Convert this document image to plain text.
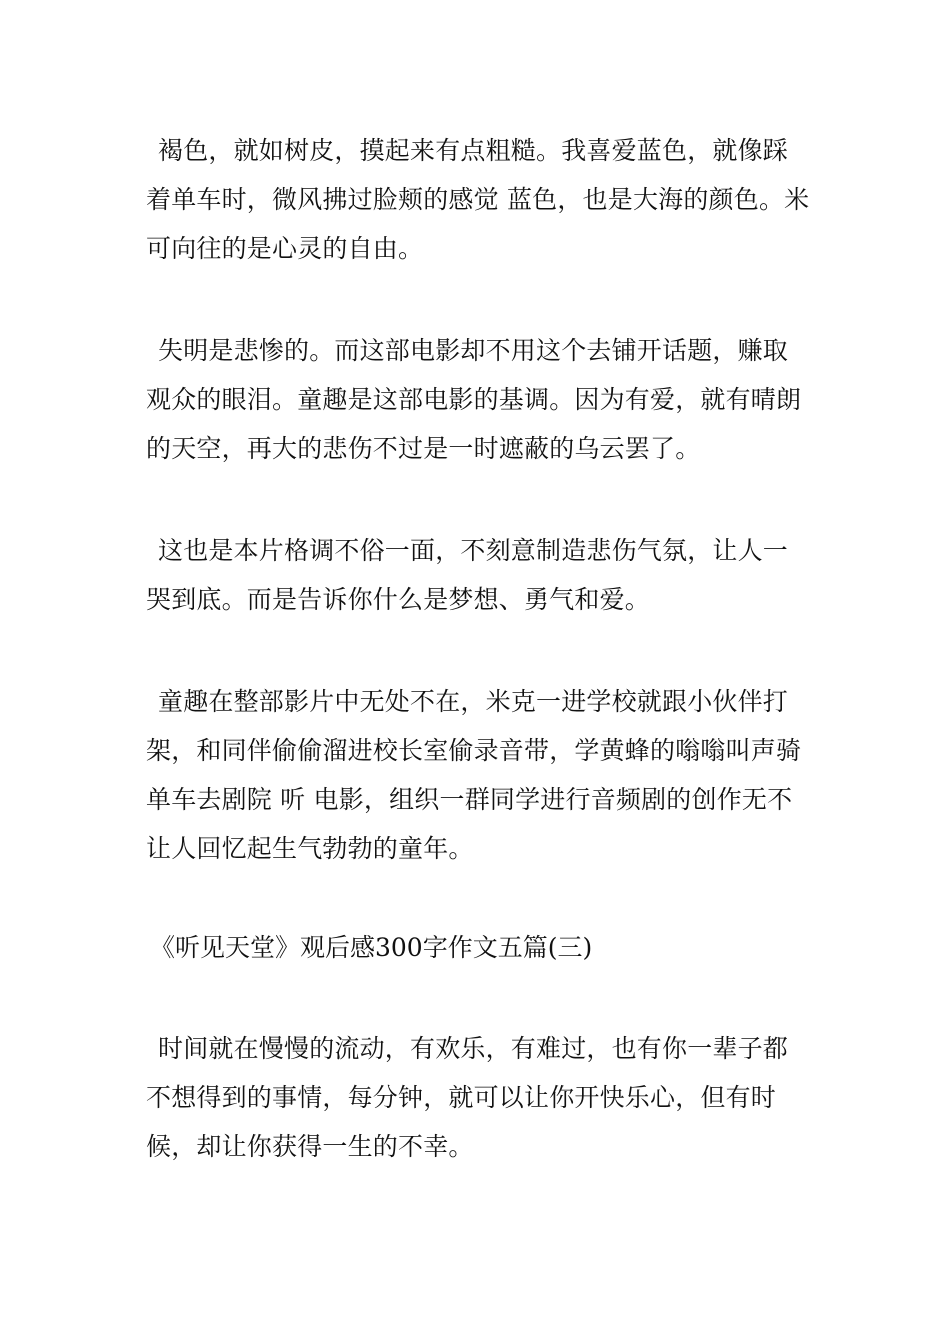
褐色，就如树皮，摸起来有点粗糙。我喜爱蓝色，就像踩着单车时，微风拂过脸颊的感觉 蓝色，也是大海的颜色。米可向往的是心灵的自由。

失明是悲惨的。而这部电影却不用这个去铺开话题，赚取观众的眼泪。童趣是这部电影的基调。因为有爱，就有晴朗的天空，再大的悲伤不过是一时遮蔽的乌云罢了。

这也是本片格调不俗一面，不刻意制造悲伤气氛，让人一哭到底。而是告诉你什么是梦想、勇气和爱。

童趣在整部影片中无处不在，米克一进学校就跟小伙伴打架，和同伴偷偷溜进校长室偷录音带，学黄蜂的嗡嗡叫声骑单车去剧院 听 电影，组织一群同学进行音频剧的创作无不让人回忆起生气勃勃的童年。

《听见天堂》观后感300字作文五篇(三)

时间就在慢慢的流动，有欢乐，有难过，也有你一辈子都不想得到的事情，每分钟，就可以让你开快乐心，但有时候，却让你获得一生的不幸。
